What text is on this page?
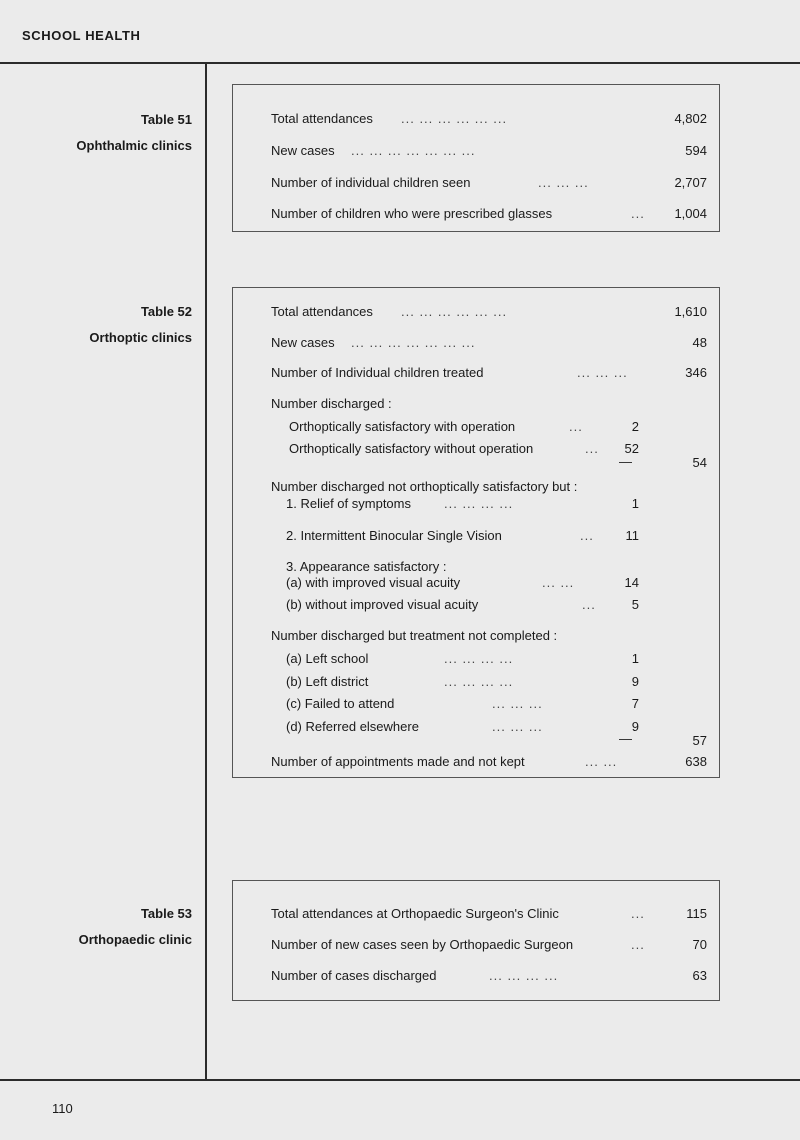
SCHOOL HEALTH
110
Table 51
Ophthalmic clinics
Total attendances ... ... ... ... ... ...	4,802
New cases ... ... ... ... ... ... ...	594
Number of individual children seen	... ... ...	2,707
Number of children who were prescribed glasses	... 1,004
Table 52
Orthoptic clinics
Total attendances ... ... ... ... ... ...	1,610
New cases ... ... ... ... ... ... ...	48
Number of Individual children treated	... ... ...	346
Number discharged :
Orthoptically satisfactory with operation	...	2
Orthoptically satisfactory without operation	... 52
—	54
Number discharged not orthoptically satisfactory but :
1. Relief of symptoms	... ... ... ...	1
2. Intermittent Binocular Single Vision	... 11
3. Appearance satisfactory :
(a) with improved visual acuity	... ...	14
(b) without improved visual acuity	...	5
Number discharged but treatment not completed :
(a) Left school	... ... ... ...	1
(b) Left district	... ... ... ...	9
(c) Failed to attend	... ... ...	7
(d) Referred elsewhere	... ... ...	9
—	57
Number of appointments made and not kept	... ...	638
Table 53
Orthopaedic clinic
Total attendances at Orthopaedic Surgeon's Clinic	...	115
Number of new cases seen by Orthopaedic Surgeon	...	70
Number of cases discharged	... ... ... ...	63
